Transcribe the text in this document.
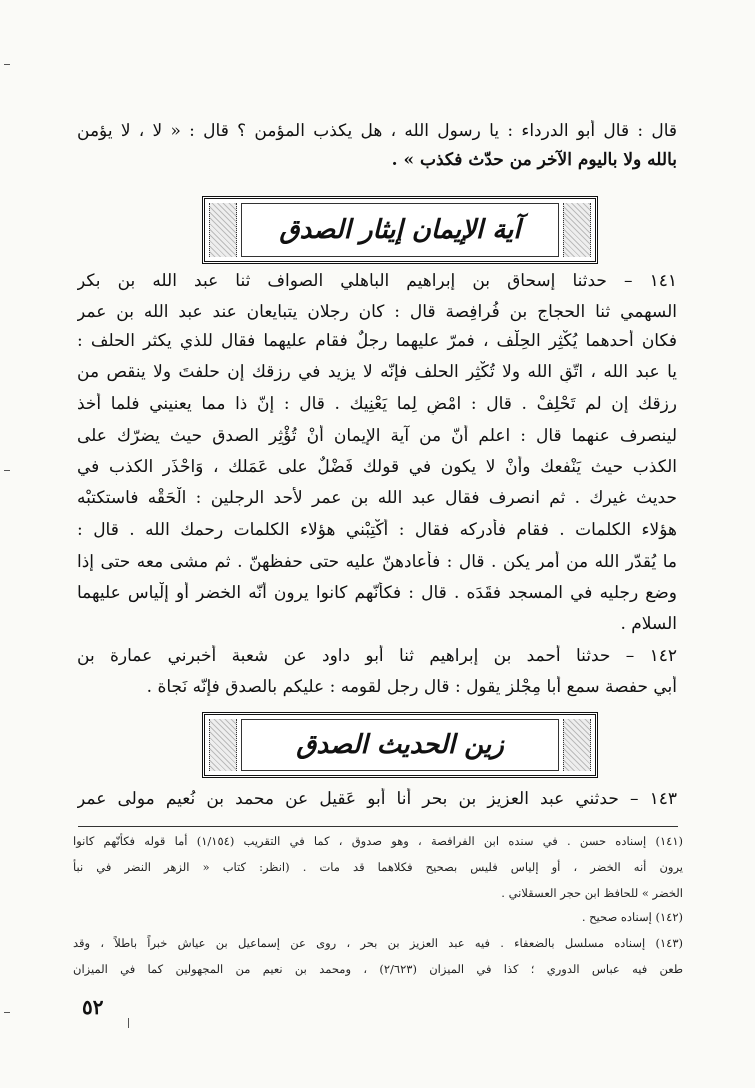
قال : قال أبو الدرداء : يا رسول الله ، هل يكذب المؤمن ؟ قال : « لا ، لا يؤمن
بالله ولا باليوم الآخر من حدّث فكذب » .
آية الإيمان إيثار الصدق
١٤١ – حدثنا إسحاق بن إبراهيم الباهلي الصواف ثنا عبد الله بن بكر
السهمي ثنا الحجاج بن فُرافِصة قال : كان رجلان يتبايعان عند عبد الله بن عمر
فكان أحدهما يُكْثِر الحِلْف ، فمرّ عليهما رجلٌ فقام عليهما فقال للذي يكثر الحلف :
يا عبد الله ، اتّقِ الله ولا تُكْثِر الحلف فإنّه لا يزيد في رزقك إن حلفتَ ولا ينقص من
رزقك إن لم تَحْلِفْ . قال : امْضِ لِما يَعْنِيك . قال : إنّ ذا مما يعنيني فلما أخذ
لينصرف عنهما قال : اعلم أنّ من آية الإيمان أنْ تُؤْثِر الصدق حيث يضرّك على
الكذب حيث يَنْفعك وأنْ لا يكون في قولك فَضْلٌ على عَمَلك ، وَاحْذَر الكذب في
حديث غيرك . ثم انصرف فقال عبد الله بن عمر لأحد الرجلين : الْحَقْه فاستكتبْه
هؤلاء الكلمات . فقام فأدركه فقال : أكْتِبْني هؤلاء الكلمات رحمك الله . قال :
ما يُقدّر الله من أمر يكن . قال : فأعادهنّ عليه حتى حفظهنّ . ثم مشى معه حتى إذا
وضع رجليه في المسجد فقَدَه . قال : فكأنّهم كانوا يرون أنّه الخضر أو إلْياس عليهما
السلام .
١٤٢ – حدثنا أحمد بن إبراهيم ثنا أبو داود عن شعبة أخبرني عمارة بن
أبي حفصة سمع أبا مِجْلز يقول : قال رجل لقومه : عليكم بالصدق فإنّه نَجاة .
زين الحديث الصدق
١٤٣ – حدثني عبد العزيز بن بحر أنا أبو عَقيل عن محمد بن نُعيم مولى عمر
(١٤١) إسناده حسن . في سنده ابن الفرافصة ، وهو صدوق ، كما في التقريب (١/١٥٤) أما قوله فكأنّهم كانوا
يرون أنه الخضر ، أو إلياس فليس بصحيح فكلاهما قد مات . (انظر: كتاب « الزهر النضر في نبأ
الخضر » للحافظ ابن حجر العسقلاني .
(١٤٢) إسناده صحيح .
(١٤٣) إسناده مسلسل بالضعفاء . فيه عبد العزيز بن بحر ، روى عن إسماعيل بن عياش خبراً باطلاً ، وقد
طعن فيه عباس الدوري ؛ كذا في الميزان (٢/٦٢٣) ، ومحمد بن نعيم من المجهولين كما في الميزان
٥٢
